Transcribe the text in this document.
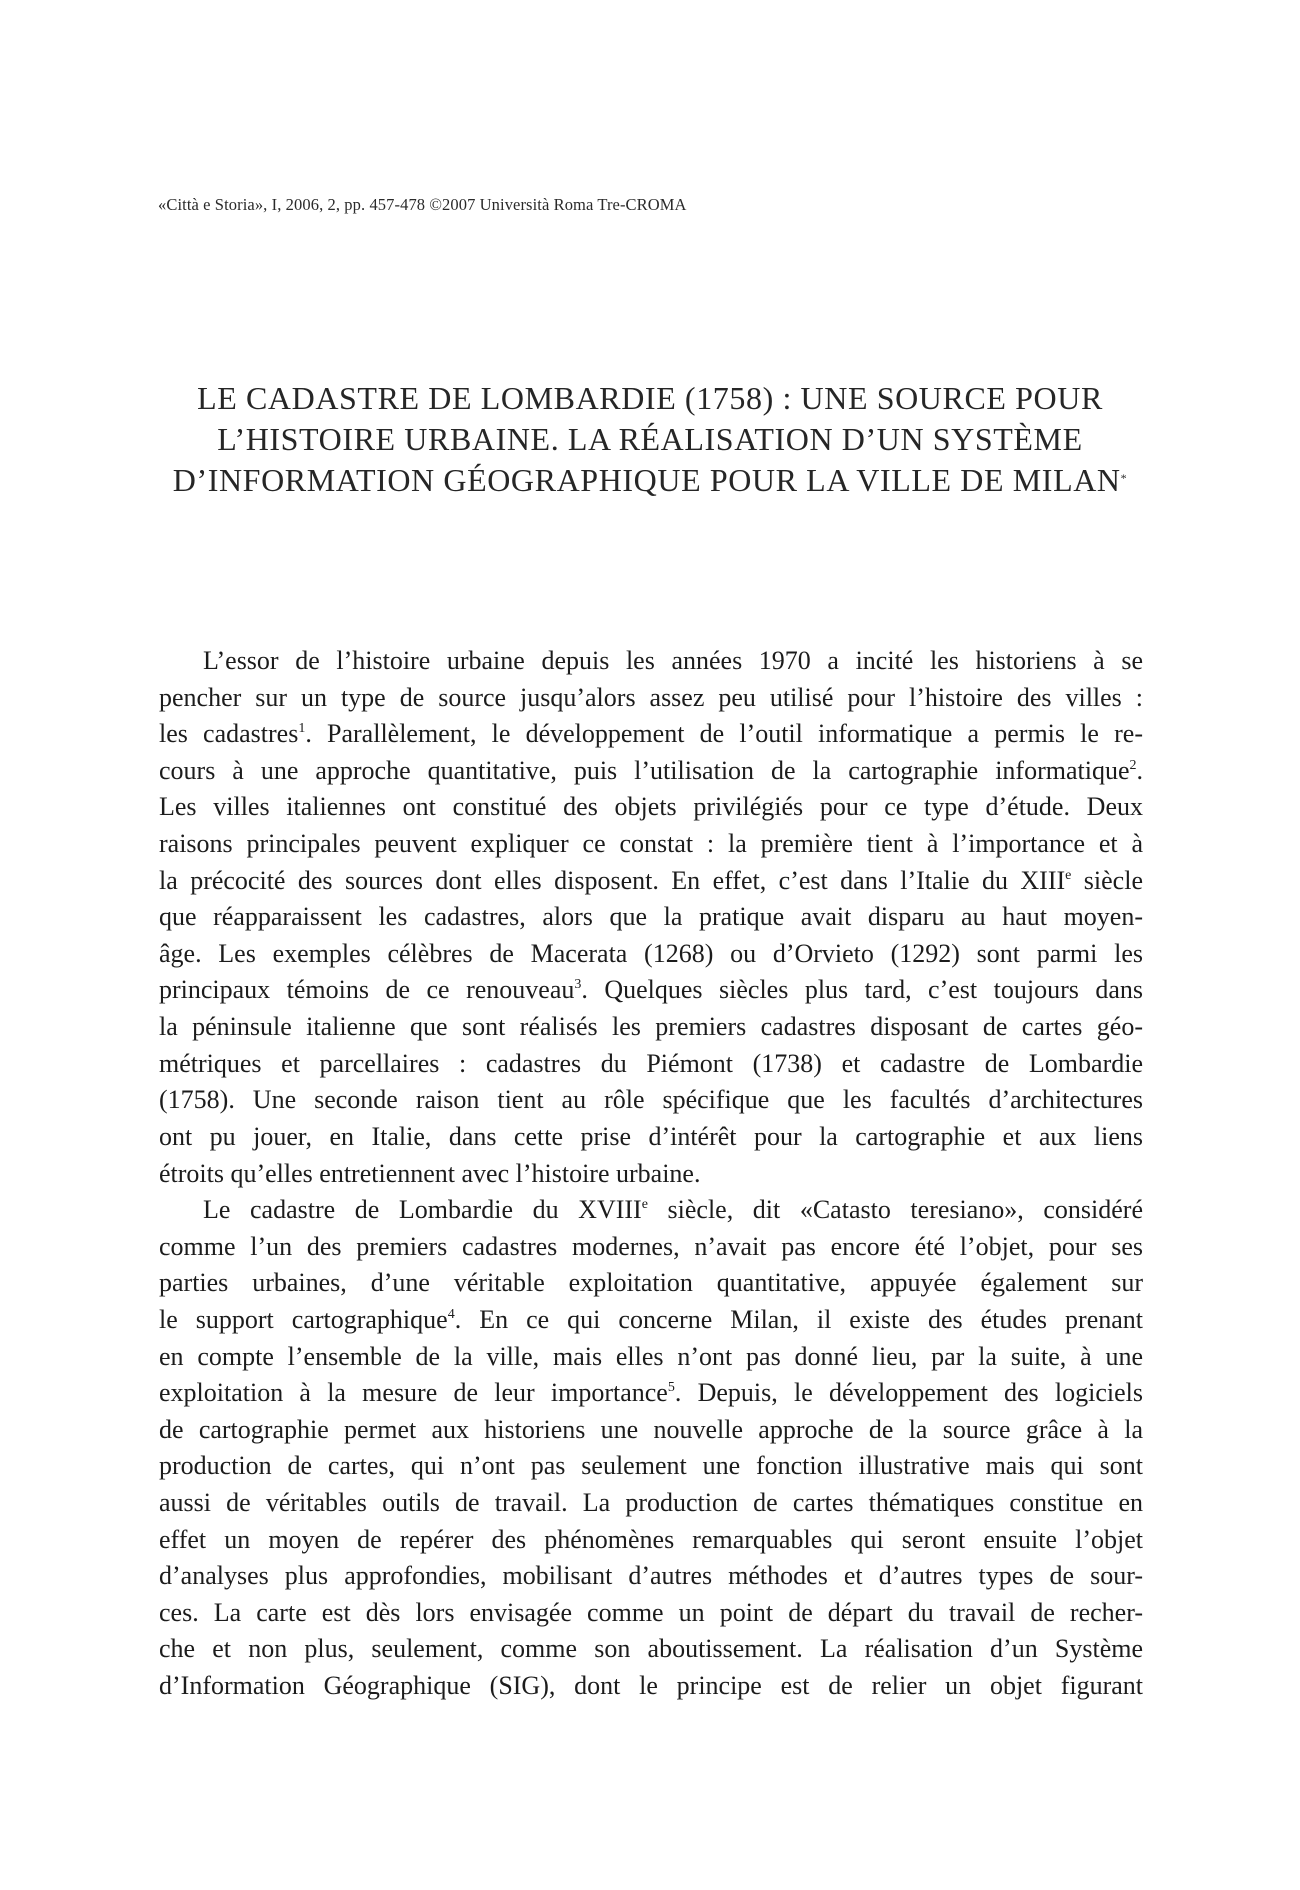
«Città e Storia», I, 2006, 2, pp. 457-478 ©2007 Università Roma Tre-CROMA
LE CADASTRE DE LOMBARDIE (1758) : UNE SOURCE POUR
L’HISTOIRE URBAINE. LA RÉALISATION D’UN SYSTÈME
D’INFORMATION GÉOGRAPHIQUE POUR LA VILLE DE MILAN*
L’essor de l’histoire urbaine depuis les années 1970 a incité les historiens à se
pencher sur un type de source jusqu’alors assez peu utilisé pour l’histoire des villes :
les cadastres$^1$. Parallèlement, le développement de l’outil informatique a permis le re-
cours à une approche quantitative, puis l’utilisation de la cartographie informatique$^2$.
Les villes italiennes ont constitué des objets privilégiés pour ce type d’étude. Deux
raisons principales peuvent expliquer ce constat : la première tient à l’importance et à
la précocité des sources dont elles disposent. En effet, c’est dans l’Italie du XIIIe siècle
que réapparaissent les cadastres, alors que la pratique avait disparu au haut moyen-
âge. Les exemples célèbres de Macerata (1268) ou d’Orvieto (1292) sont parmi les
principaux témoins de ce renouveau$^3$. Quelques siècles plus tard, c’est toujours dans
la péninsule italienne que sont réalisés les premiers cadastres disposant de cartes géo-
métriques et parcellaires : cadastres du Piémont (1738) et cadastre de Lombardie
(1758). Une seconde raison tient au rôle spécifique que les facultés d’architectures
ont pu jouer, en Italie, dans cette prise d’intérêt pour la cartographie et aux liens
étroits qu’elles entretiennent avec l’histoire urbaine.
Le cadastre de Lombardie du XVIIIe siècle, dit «Catasto teresiano», considéré
comme l’un des premiers cadastres modernes, n’avait pas encore été l’objet, pour ses
parties urbaines, d’une véritable exploitation quantitative, appuyée également sur
le support cartographique$^4$. En ce qui concerne Milan, il existe des études prenant
en compte l’ensemble de la ville, mais elles n’ont pas donné lieu, par la suite, à une
exploitation à la mesure de leur importance$^5$. Depuis, le développement des logiciels
de cartographie permet aux historiens une nouvelle approche de la source grâce à la
production de cartes, qui n’ont pas seulement une fonction illustrative mais qui sont
aussi de véritables outils de travail. La production de cartes thématiques constitue en
effet un moyen de repérer des phénomènes remarquables qui seront ensuite l’objet
d’analyses plus approfondies, mobilisant d’autres méthodes et d’autres types de sour-
ces. La carte est dès lors envisagée comme un point de départ du travail de recher-
che et non plus, seulement, comme son aboutissement. La réalisation d’un Système
d’Information Géographique (SIG), dont le principe est de relier un objet figurant
